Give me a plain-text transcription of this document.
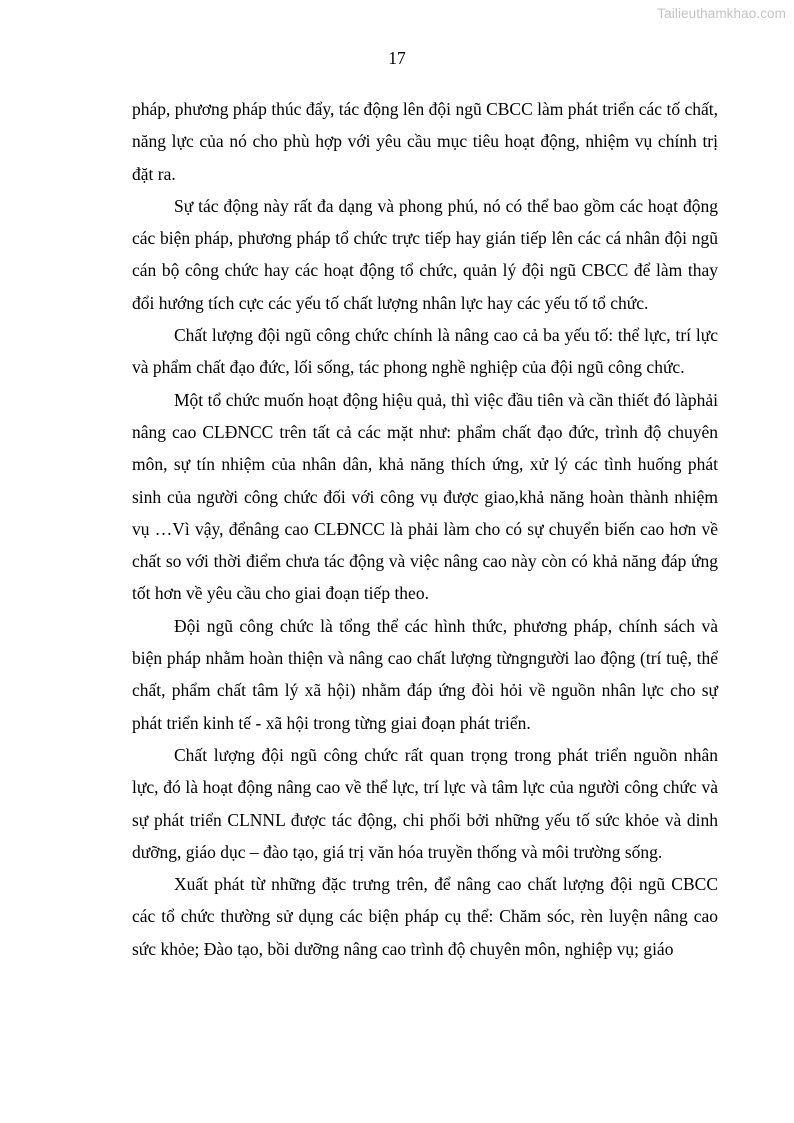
Tailieuthamkhao.com
17

pháp, phương pháp thúc đẩy, tác động lên đội ngũ CBCC làm phát triển các tố chất, năng lực của nó cho phù hợp với yêu cầu mục tiêu hoạt động, nhiệm vụ chính trị đặt ra.

Sự tác động này rất đa dạng và phong phú, nó có thể bao gồm các hoạt động các biện pháp, phương pháp tổ chức trực tiếp hay gián tiếp lên các cá nhân đội ngũ cán bộ công chức hay các hoạt động tổ chức, quản lý đội ngũ CBCC để làm thay đổi hướng tích cực các yếu tố chất lượng nhân lực hay các yếu tố tổ chức.

Chất lượng đội ngũ công chức chính là nâng cao cả ba yếu tố: thể lực, trí lực và phẩm chất đạo đức, lối sống, tác phong nghề nghiệp của đội ngũ công chức.

Một tổ chức muốn hoạt động hiệu quả, thì việc đầu tiên và cần thiết đó làphải nâng cao CLĐNCC trên tất cả các mặt như: phẩm chất đạo đức, trình độ chuyên môn, sự tín nhiệm của nhân dân, khả năng thích ứng, xử lý các tình huống phát sinh của người công chức đối với công vụ được giao,khả năng hoàn thành nhiệm vụ …Vì vậy, đểnâng cao CLĐNCC là phải làm cho có sự chuyển biến cao hơn về chất so với thời điểm chưa tác động và việc nâng cao này còn có khả năng đáp ứng tốt hơn về yêu cầu cho giai đoạn tiếp theo.

Đội ngũ công chức là tổng thể các hình thức, phương pháp, chính sách và biện pháp nhằm hoàn thiện và nâng cao chất lượng từngngười lao động (trí tuệ, thể chất, phẩm chất tâm lý xã hội) nhằm đáp ứng đòi hỏi về nguồn nhân lực cho sự phát triển kinh tế - xã hội trong từng giai đoạn phát triển.

Chất lượng đội ngũ công chức rất quan trọng trong phát triển nguồn nhân lực, đó là hoạt động nâng cao về thể lực, trí lực và tâm lực của người công chức và sự phát triển CLNNL được tác động, chi phối bởi những yếu tố sức khỏe và dinh dưỡng, giáo dục – đào tạo, giá trị văn hóa truyền thống và môi trường sống.

Xuất phát từ những đặc trưng trên, để nâng cao chất lượng đội ngũ CBCC các tổ chức thường sử dụng các biện pháp cụ thể: Chăm sóc, rèn luyện nâng cao sức khỏe; Đào tạo, bồi dưỡng nâng cao trình độ chuyên môn, nghiệp vụ; giáo
